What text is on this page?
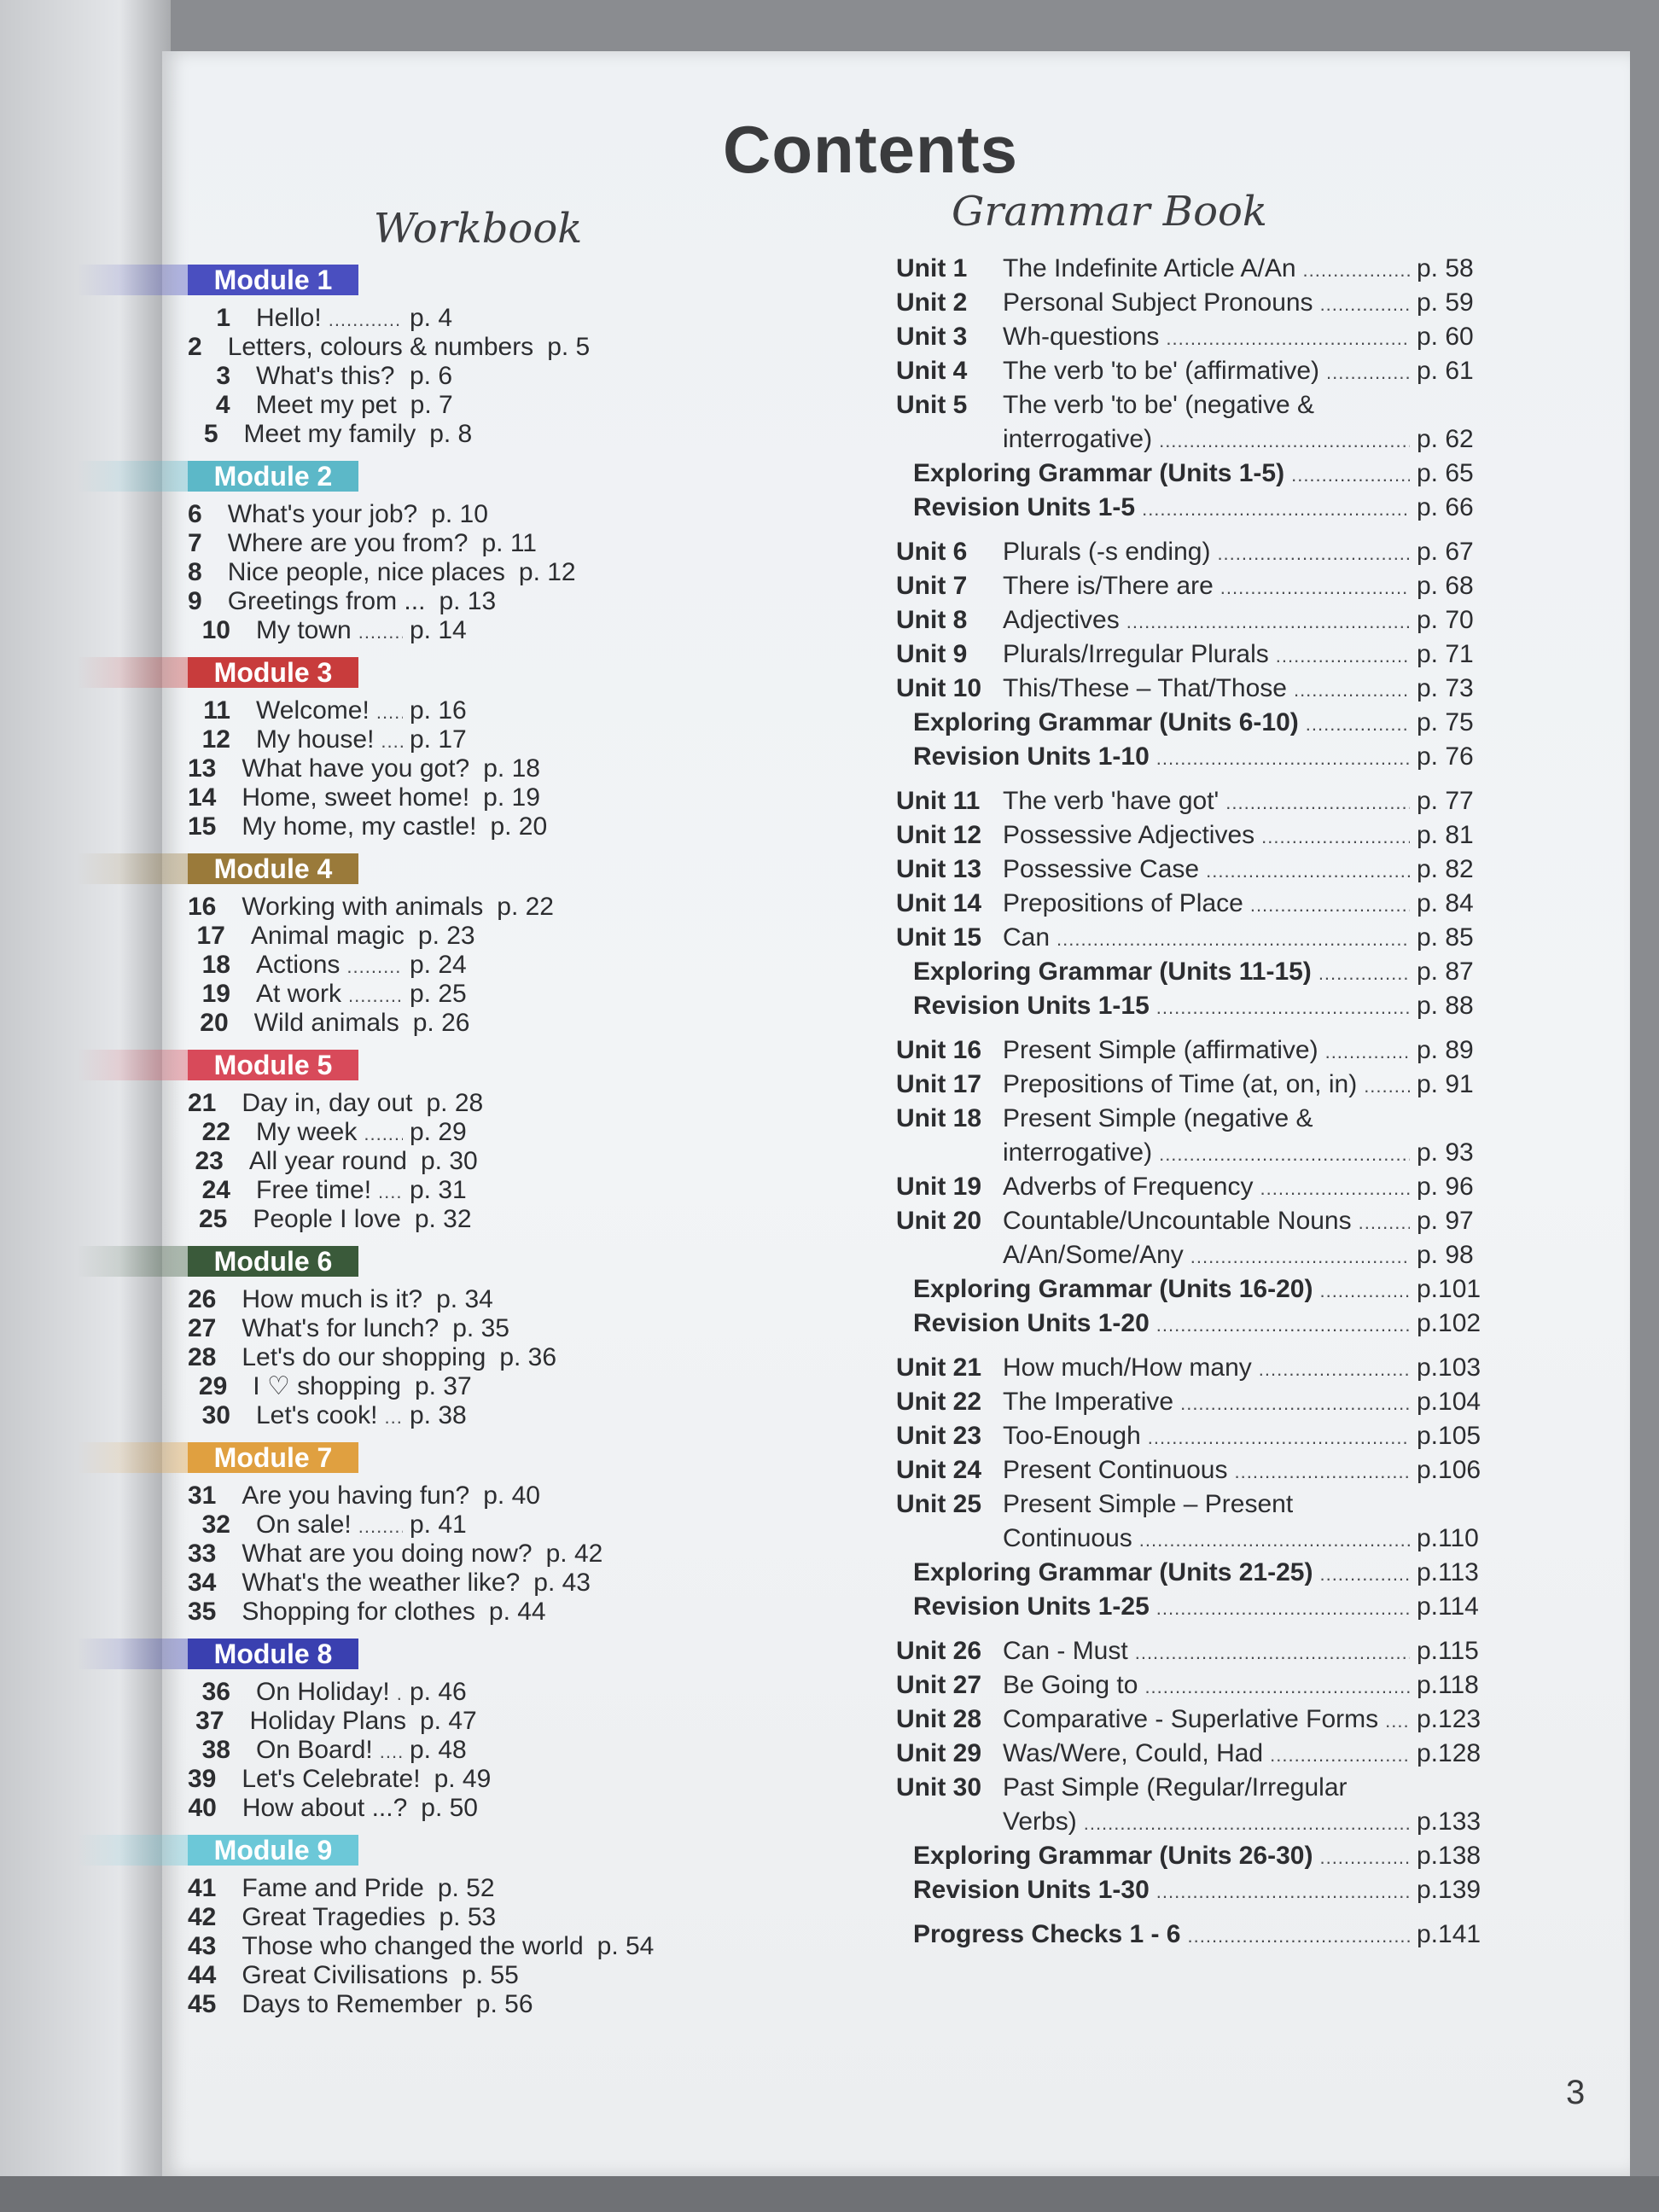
Contents
Workbook	Grammar Book
Module 1
1 Hello! .....	p. 4
2 Letters, colours & numbers p. 5
3 What's this? ..... p. 6
4 Meet my pet p. 7
5 Meet my family p. 8
Module 2
6 What's your job? p. 10
7 Where are you from? p. 11
8 Nice people, nice places p. 12
9 Greetings from ... p. 13
10 My town ..... p. 14
Module 3
11 Welcome! ..... p. 16
12 My house! ..... p. 17
13 What have you got? p. 18
14 Home, sweet home! p. 19
15 My home, my castle! p. 20
Module 4
16 Working with animals p. 22
17 Animal magic p. 23
18 Actions .....	p. 24
19 At work .....	p. 25
20 Wild animals p. 26
Module 5
21 Day in, day out p. 28
22 My week ..... p. 29
23 All year round p. 30
24 Free time! ..... p. 31
25 People I love p. 32
Module 6
26 How much is it? p. 34
27 What's for lunch? p. 35
28 Let's do our shopping p. 36
29 I ♡ shopping p. 37
30 Let's cook! ..... p. 38
Module 7
31 Are you having fun? p. 40
32 On sale! ..... p. 41
33 What are you doing now? p. 42
34 What's the weather like? p. 43
35 Shopping for clothes p. 44
Module 8
36 On Holiday! ..... p. 46
37 Holiday Plans p. 47
38 On Board! ..... p. 48
39 Let's Celebrate! p. 49
40 How about ...? p. 50
Module 9
41 Fame and Pride p. 52
42 Great Tragedies p. 53
43 Those who changed the world p. 54
44 Great Civilisations p. 55
45 Days to Remember p. 56
Unit 1	The Indefinite Article A/An .....	p. 58
Unit 2	Personal Subject Pronouns .....	p. 59
Unit 3	Wh-questions .....	p. 60
Unit 4	The verb 'to be' (affirmative) .....	p. 61
Unit 5	The verb 'to be' (negative &
interrogative) .....	p. 62
Exploring Grammar (Units 1-5) .....	p. 65
Revision Units 1-5 .....	p. 66
Unit 6	Plurals (-s ending) .....	p. 67
Unit 7	There is/There are .....	p. 68
Unit 8	Adjectives .....	p. 70
Unit 9	Plurals/Irregular Plurals .....	p. 71
Unit 10 This/These – That/Those .....	p. 73
Exploring Grammar (Units 6-10) .....	p. 75
Revision Units 1-10 .....	p. 76
Unit 11 The verb 'have got' .....	p. 77
Unit 12 Possessive Adjectives .....	p. 81
Unit 13 Possessive Case .....	p. 82
Unit 14 Prepositions of Place .....	p. 84
Unit 15 Can .....	p. 85
Exploring Grammar (Units 11-15) .....	p. 87
Revision Units 1-15 .....	p. 88
Unit 16 Present Simple (affirmative) .....	p. 89
Unit 17 Prepositions of Time (at, on, in) ..... p. 91
Unit 18 Present Simple (negative &
interrogative) .....	p. 93
Unit 19 Adverbs of Frequency .....	p. 96
Unit 20 Countable/Uncountable Nouns .....	p. 97
A/An/Some/Any .....	p. 98
Exploring Grammar (Units 16-20) .....	p.101
Revision Units 1-20 .....	p.102
Unit 21 How much/How many .....	p.103
Unit 22 The Imperative .....	p.104
Unit 23 Too-Enough .....	p.105
Unit 24 Present Continuous .....	p.106
Unit 25 Present Simple – Present
Continuous .....	p.110
Exploring Grammar (Units 21-25) .....	p.113
Revision Units 1-25 .....	p.114
Unit 26 Can - Must .....	p.115
Unit 27 Be Going to .....	p.118
Unit 28 Comparative - Superlative Forms ..... p.123
Unit 29 Was/Were, Could, Had .....	p.128
Unit 30 Past Simple (Regular/Irregular
Verbs) .....	p.133
Exploring Grammar (Units 26-30) .....	p.138
Revision Units 1-30 .....	p.139
Progress Checks 1 - 6 .....	p.141
3
